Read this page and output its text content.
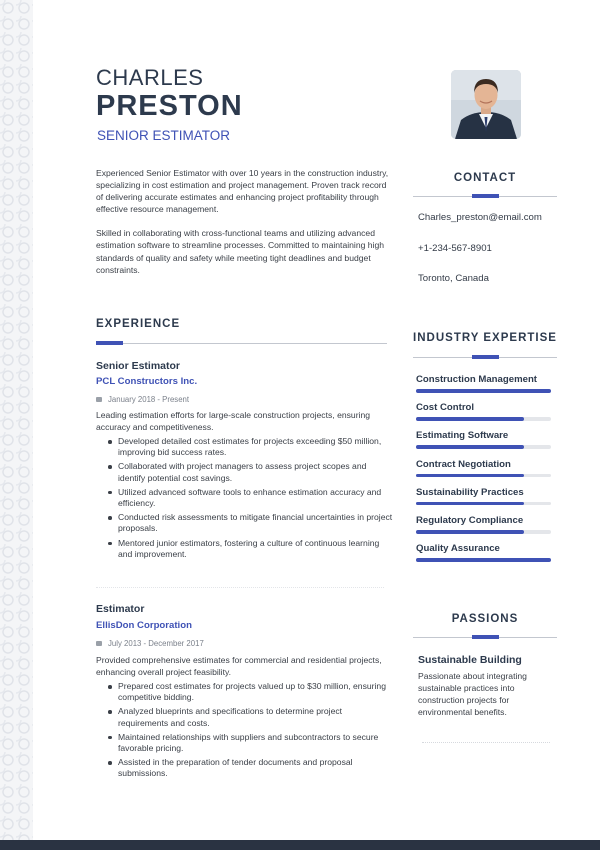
CHARLES
PRESTON
SENIOR ESTIMATOR

Experienced Senior Estimator with over 10 years in the construction industry, specializing in cost estimation and project management. Proven track record of delivering accurate estimates and enhancing project profitability through effective resource management.

Skilled in collaborating with cross-functional teams and utilizing advanced estimation software to streamline processes. Committed to maintaining high standards of quality and safety while meeting tight deadlines and budget constraints.

EXPERIENCE
Senior Estimator
PCL Constructors Inc.
January 2018 - Present
Leading estimation efforts for large-scale construction projects, ensuring accuracy and competitiveness.
Developed detailed cost estimates for projects exceeding $50 million, improving bid success rates.
Collaborated with project managers to assess project scopes and identify potential cost savings.
Utilized advanced software tools to enhance estimation accuracy and efficiency.
Conducted risk assessments to mitigate financial uncertainties in project proposals.
Mentored junior estimators, fostering a culture of continuous learning and improvement.
Estimator
EllisDon Corporation
July 2013 - December 2017
Provided comprehensive estimates for commercial and residential projects, enhancing overall project feasibility.
Prepared cost estimates for projects valued up to $30 million, ensuring competitive bidding.
Analyzed blueprints and specifications to determine project requirements and costs.
Maintained relationships with suppliers and subcontractors to secure favorable pricing.
Assisted in the preparation of tender documents and proposal submissions.
CONTACT
Charles_preston@email.com
+1-234-567-8901
Toronto, Canada
INDUSTRY EXPERTISE
Construction Management
Cost Control
Estimating Software
Contract Negotiation
Sustainability Practices
Regulatory Compliance
Quality Assurance
PASSIONS
Sustainable Building
Passionate about integrating sustainable practices into construction projects for environmental benefits.
